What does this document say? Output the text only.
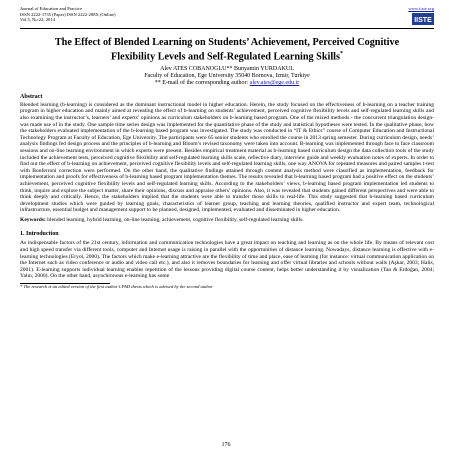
Journal of Education and Practice
ISSN 2222-1735 (Paper) ISSN 2222-288X (Online)
Vol.5, No.22, 2014
www.iiste.org
IISTE
The Effect of Blended Learning on Students’ Achievement, Perceived Cognitive Flexibility Levels and Self-Regulated Learning Skills*
Alev ATES COBANOGLU** Bunyamin YURDAKUL
Faculty of Education, Ege University 35040 Bornova, Izmir, Turkiye
** E-mail of the corresponding author: alev.ates@ege.edu.tr
Abstract
Blended learning (b-learning) is considered as the dominant instructional model in higher education. Herein, the study focused on the effectiveness of b-learning on a teacher training program in higher education and mainly aimed at revealing the effect of b-learning on students’ achievement, perceived cognitive flexibility levels and self-regulated learning skills and also examining the instructor’s, learners’ and experts’ opinions as curriculum stakeholders on b-learning based program. One of the mixed methods - the concurrent triangulation design- was made use of in the study. One sample time series design was implemented for the quantitative phase of the study and statistical hypotheses were tested. In the qualitative phase, how the stakeholders evaluated implementation of the b-learning based program was investigated. The study was conducted in “IT & Ethics” course of Computer Education and Instructional Technology Program at Faculty of Education, Ege University. The participants were 65 senior students who enrolled the course in 2013 spring semester. During curriculum design, needs’ analysis findings fed design process and the principles of b-learning and Bloom’s revised taxonomy were taken into account. B-learning was implemented through face to face classroom sessions and on-line learning environment in which experts were present. Besides empirical treatment material as b-learning based curriculum design the data collection tools of the study included the achievement tests, perceived cognitive flexibility and self-regulated learning skills scale, reflective diary, interview guide and weekly evaluation notes of experts. In order to find out the effect of b-learning on achievement, perceived cognitive flexibility levels and self-regulated learning skills, one way ANOVA for repeated measures and paired samples t-test with Bonferroni correction were performed. On the other hand, the qualitative findings attained through content analysis method were classified as implementation, feedback for implementation and proofs for effectiveness of b-learning based program implementation themes. The results revealed that b-learning based program had a positive effect on the students’ achievement, perceived cognitive flexibility levels and self-regulated learning skills. According to the stakeholders’ views, b-learning based program implementation led students to think, inquire and explore the subject matter, share their opinions, discuss and appraise others’ opinions. Also, it was revealed that students gained different perspectives and were able to think deeply and critically. Hence, the stakeholders implied that the students were able to transfer those skills to real-life. This study suggested that b-learning based curriculum development studies which were guided by learning goals, characteristics of learner group, teaching and learning theories, qualified instructor and expert team, technological infrastructure, essential budget and management support to be planned, designed, implemented, evaluated and disseminated in higher education.
Keywords: blended learning, hybrid learning, on-line learning, achievement, cognitive flexibility, self-regulated learning skills.
1. Introduction
As indispensable factors of the 21st century, information and communication technologies have a great impact on teaching and learning as on the whole life. By means of relevant cost and high speed transfer via different tools, computer and Internet usage is raising in parallel with the opportunities of distance learning. Nowadays, distance learning is effective with e-learning technologies (Eryol, 2000). The factors which make e-learning attractive are the flexibility of time and place, ease of learning (for instance: virtual communication application on the Internet such as video conference or audio and video call etc.), and also it removes boundaries for learning and offer virtual libraries and schools without walls (Aşkar, 2003; Halis, 2001). E-learning supports individual learning enables repetition of the lessons providing digital course content, helps better understanding it by visualization (Tan & Erdoğan, 2004; Yalın, 2000). On the other hand, asynchronous e-learning has some
* The research is an edited version of the first author’s PhD thesis which is advised by the second author
176
